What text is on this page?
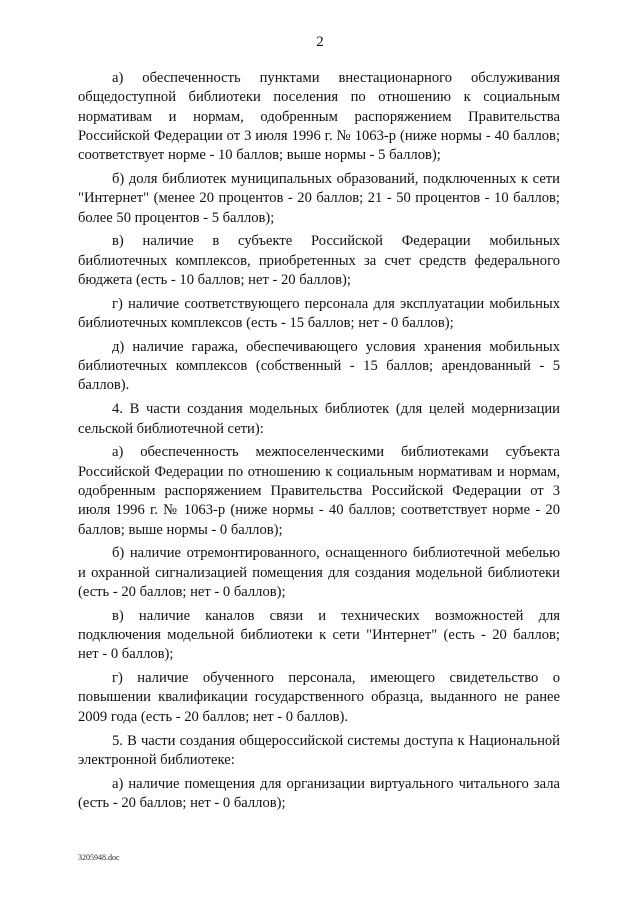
2

а) обеспеченность пунктами внестационарного обслуживания общедоступной библиотеки поселения по отношению к социальным нормативам и нормам, одобренным распоряжением Правительства Российской Федерации от 3 июля 1996 г. № 1063-р (ниже нормы - 40 баллов; соответствует норме - 10 баллов; выше нормы - 5 баллов);

б) доля библиотек муниципальных образований, подключенных к сети "Интернет" (менее 20 процентов - 20 баллов; 21 - 50 процентов - 10 баллов; более 50 процентов - 5 баллов);

в) наличие в субъекте Российской Федерации мобильных библиотечных комплексов, приобретенных за счет средств федерального бюджета (есть - 10 баллов; нет - 20 баллов);

г) наличие соответствующего персонала для эксплуатации мобильных библиотечных комплексов (есть - 15 баллов; нет - 0 баллов);

д) наличие гаража, обеспечивающего условия хранения мобильных библиотечных комплексов (собственный - 15 баллов; арендованный - 5 баллов).

4. В части создания модельных библиотек (для целей модернизации сельской библиотечной сети):

а) обеспеченность межпоселенческими библиотеками субъекта Российской Федерации по отношению к социальным нормативам и нормам, одобренным распоряжением Правительства Российской Федерации от 3 июля 1996 г. № 1063-р (ниже нормы - 40 баллов; соответствует норме - 20 баллов; выше нормы - 0 баллов);

б) наличие отремонтированного, оснащенного библиотечной мебелью и охранной сигнализацией помещения для создания модельной библиотеки (есть - 20 баллов; нет - 0 баллов);

в) наличие каналов связи и технических возможностей для подключения модельной библиотеки к сети "Интернет" (есть - 20 баллов; нет - 0 баллов);

г) наличие обученного персонала, имеющего свидетельство о повышении квалификации государственного образца, выданного не ранее 2009 года (есть - 20 баллов; нет - 0 баллов).

5. В части создания общероссийской системы доступа к Национальной электронной библиотеке:

а) наличие помещения для организации виртуального читального зала (есть - 20 баллов; нет - 0 баллов);

3205948.doc
